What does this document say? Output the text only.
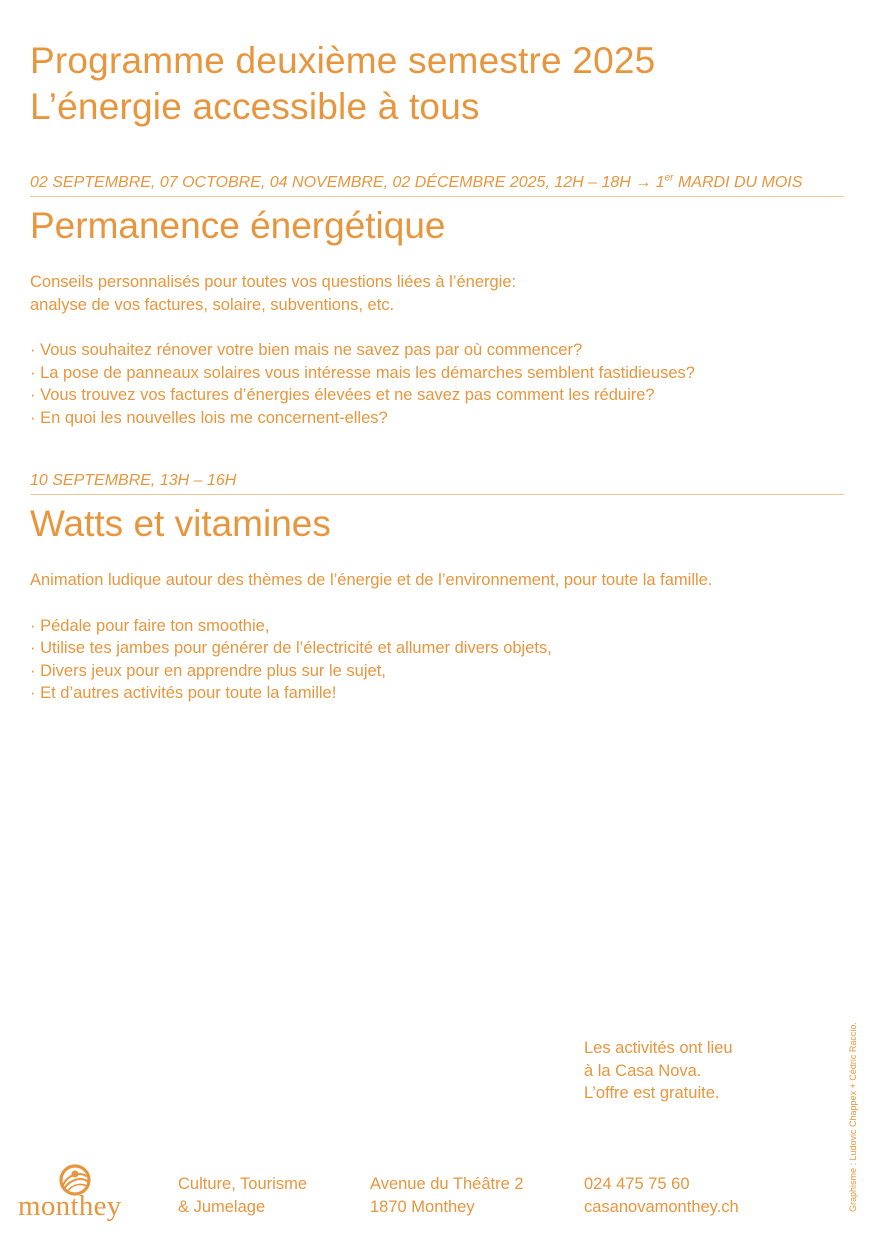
Programme deuxième semestre 2025
L’énergie accessible à tous
02 SEPTEMBRE, 07 OCTOBRE, 04 NOVEMBRE, 02 DÉCEMBRE 2025, 12H – 18H → 1er MARDI DU MOIS
Permanence énergétique
Conseils personnalisés pour toutes vos questions liées à l’énergie:
analyse de vos factures, solaire, subventions, etc.
· Vous souhaitez rénover votre bien mais ne savez pas par où commencer?
· La pose de panneaux solaires vous intéresse mais les démarches semblent fastidieuses?
· Vous trouvez vos factures d’énergies élevées et ne savez pas comment les réduire?
· En quoi les nouvelles lois me concernent-elles?
10 SEPTEMBRE, 13H – 16H
Watts et vitamines
Animation ludique autour des thèmes de l’énergie et de l’environnement, pour toute la famille.
· Pédale pour faire ton smoothie,
· Utilise tes jambes pour générer de l’électricité et allumer divers objets,
· Divers jeux pour en apprendre plus sur le sujet,
· Et d’autres activités pour toute la famille!
Les activités ont lieu
à la Casa Nova.
L’offre est gratuite.
monthey
Culture, Tourisme
& Jumelage
Avenue du Théâtre 2
1870 Monthey
024 475 75 60
casanovamonthey.ch	Graphisme : Ludovic Chappex + Cédric Raccio.
